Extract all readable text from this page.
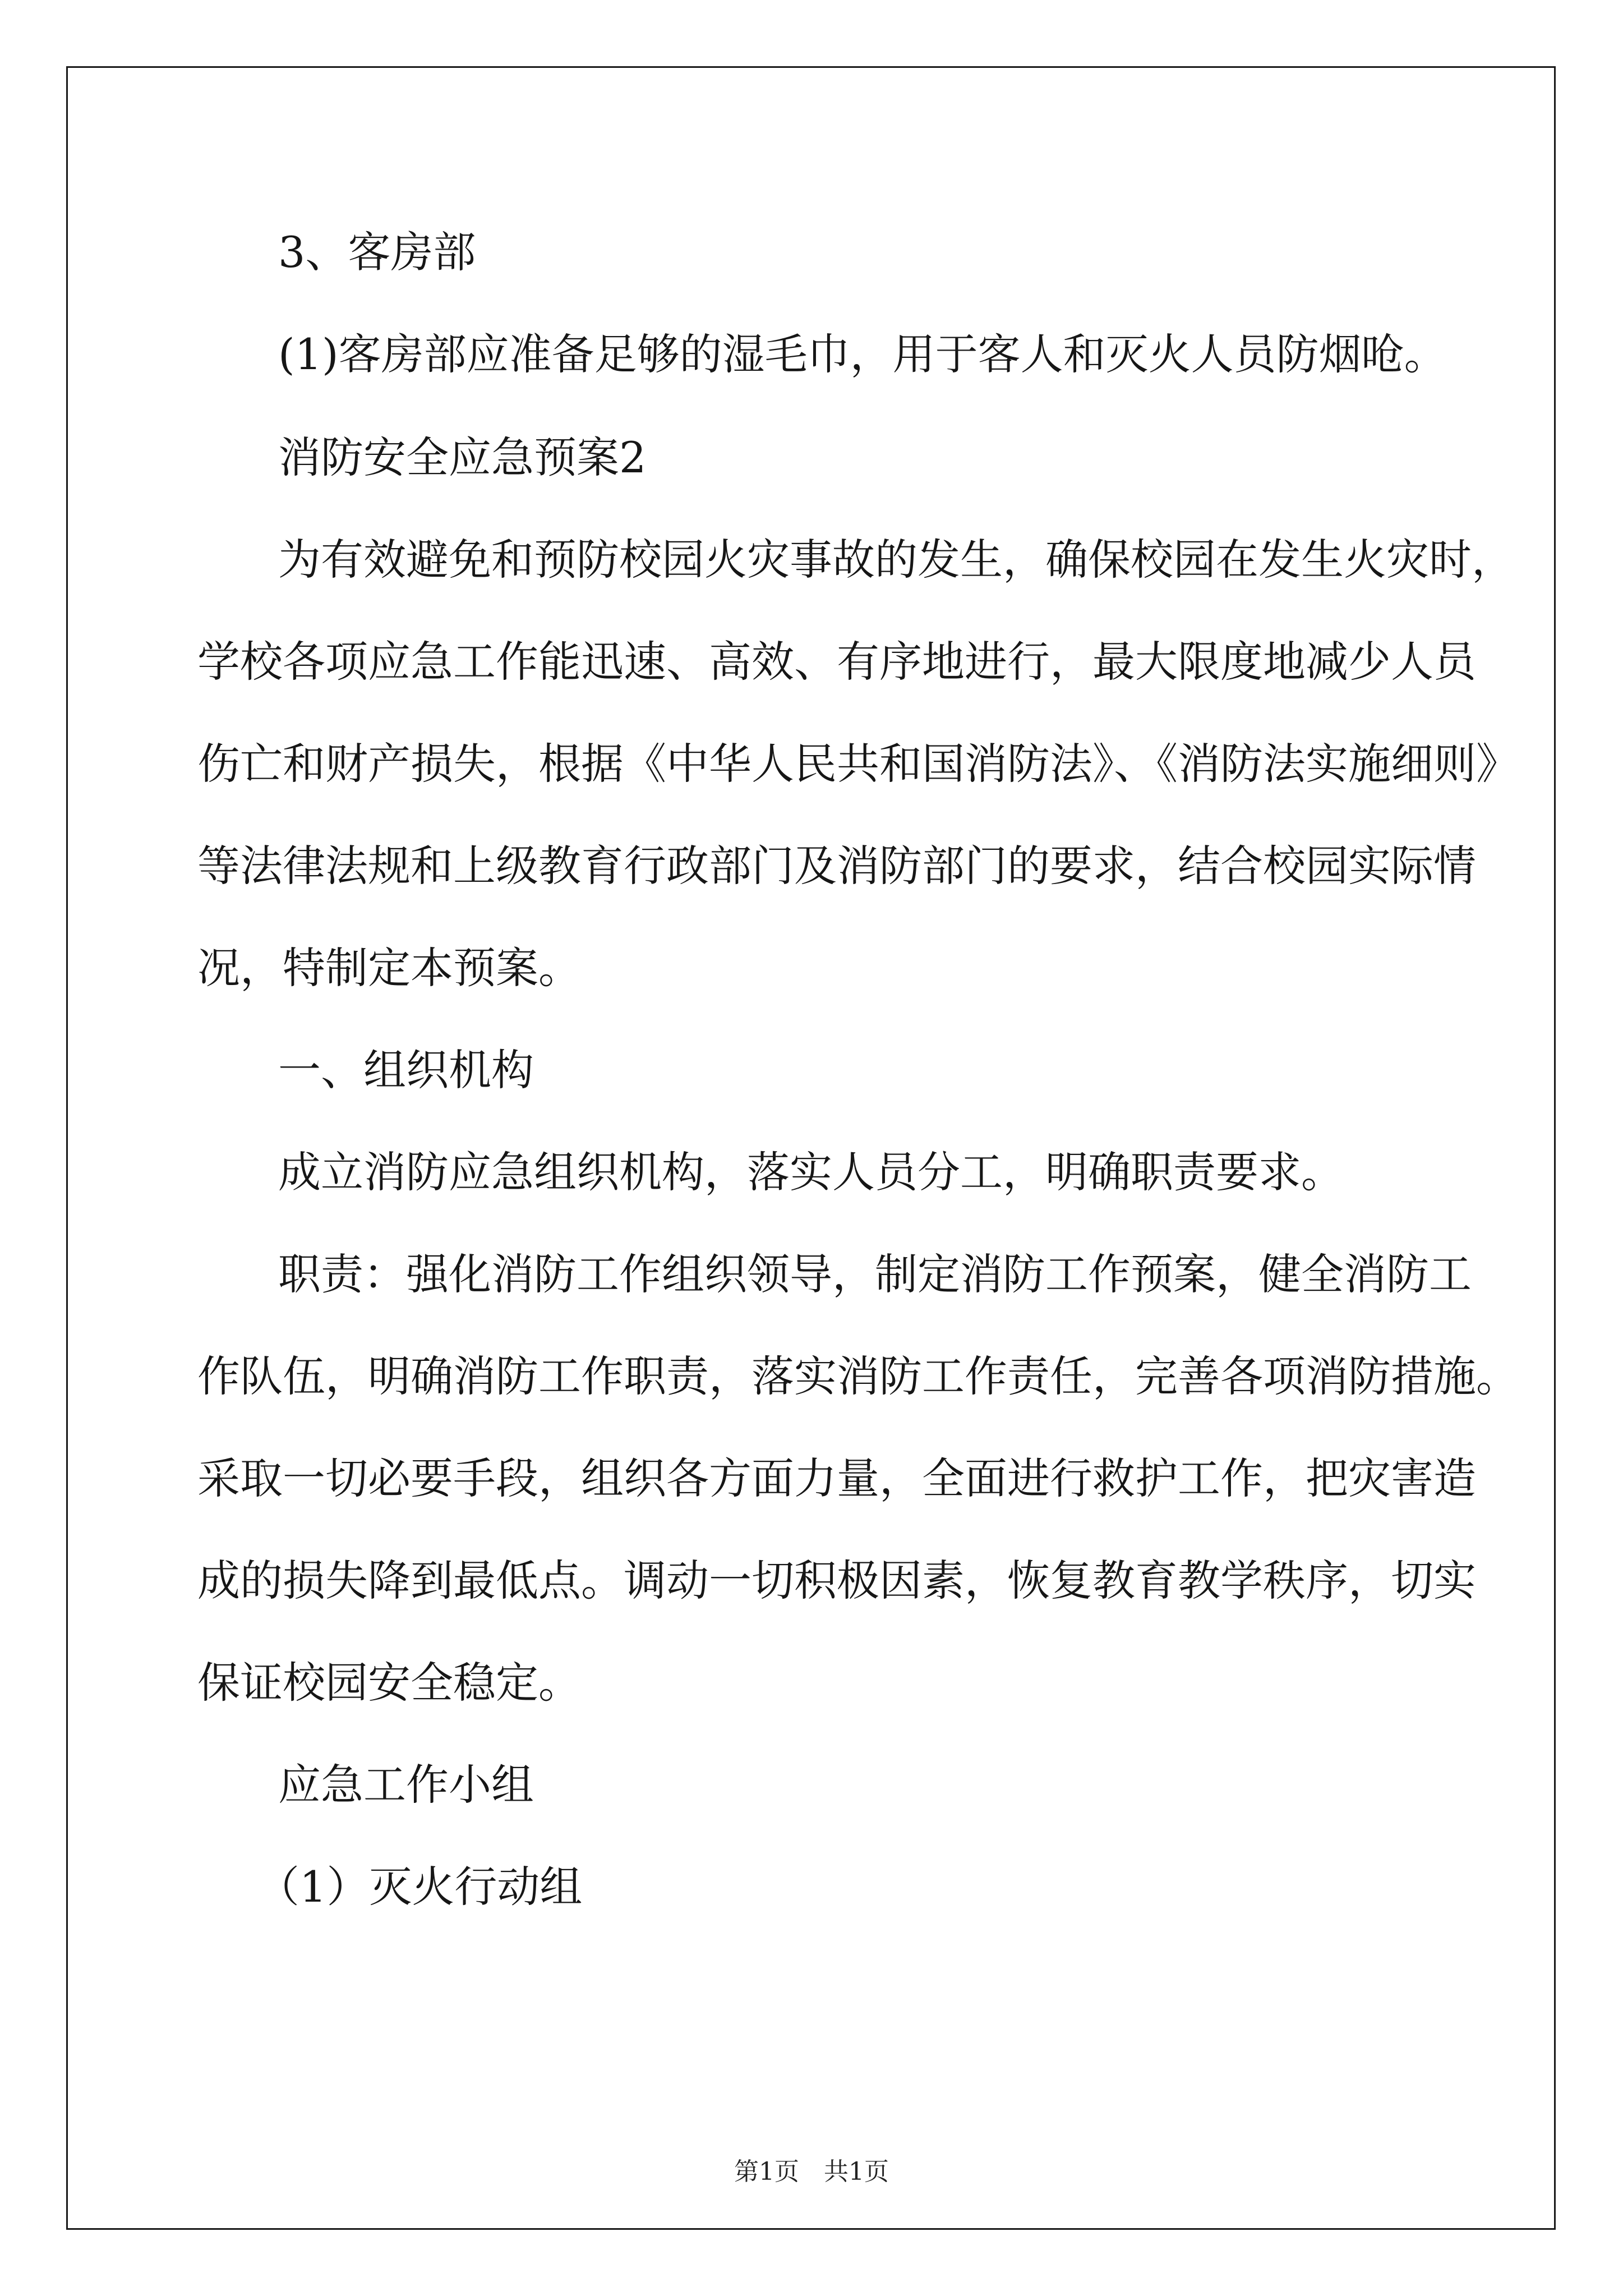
3、客房部
(1)客房部应准备足够的湿毛巾，用于客人和灭火人员防烟呛。
消防安全应急预案2
为有效避免和预防校园火灾事故的发生，确保校园在发生火灾时，
学校各项应急工作能迅速、高效、有序地进行，最大限度地减少人员
伤亡和财产损失，根据《中华人民共和国消防法》、《消防法实施细则》
等法律法规和上级教育行政部门及消防部门的要求，结合校园实际情
况，特制定本预案。
一、组织机构
成立消防应急组织机构，落实人员分工，明确职责要求。
职责：强化消防工作组织领导，制定消防工作预案，健全消防工
作队伍，明确消防工作职责，落实消防工作责任，完善各项消防措施。
采取一切必要手段，组织各方面力量，全面进行救护工作，把灾害造
成的损失降到最低点。调动一切积极因素，恢复教育教学秩序，切实
保证校园安全稳定。
应急工作小组
（1）灭火行动组
第1页　共1页
